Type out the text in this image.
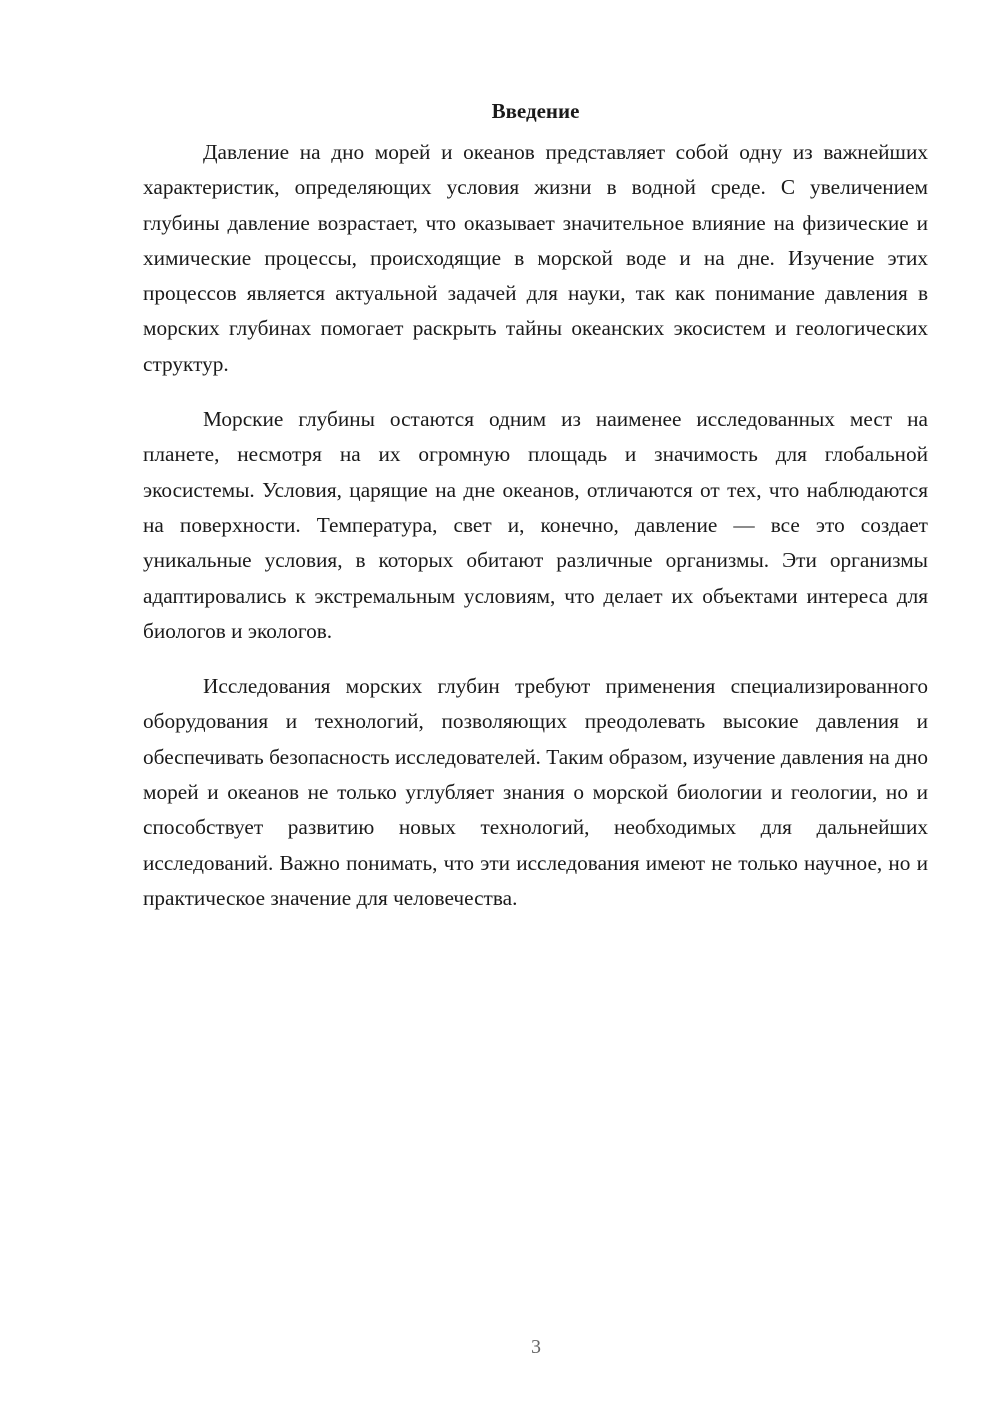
Введение

Давление на дно морей и океанов представляет собой одну из важнейших характеристик, определяющих условия жизни в водной среде. С увеличением глубины давление возрастает, что оказывает значительное влияние на физические и химические процессы, происходящие в морской воде и на дне. Изучение этих процессов является актуальной задачей для науки, так как понимание давления в морских глубинах помогает раскрыть тайны океанских экосистем и геологических структур.

Морские глубины остаются одним из наименее исследованных мест на планете, несмотря на их огромную площадь и значимость для глобальной экосистемы. Условия, царящие на дне океанов, отличаются от тех, что наблюдаются на поверхности. Температура, свет и, конечно, давление — все это создает уникальные условия, в которых обитают различные организмы. Эти организмы адаптировались к экстремальным условиям, что делает их объектами интереса для биологов и экологов.

Исследования морских глубин требуют применения специализированного оборудования и технологий, позволяющих преодолевать высокие давления и обеспечивать безопасность исследователей. Таким образом, изучение давления на дно морей и океанов не только углубляет знания о морской биологии и геологии, но и способствует развитию новых технологий, необходимых для дальнейших исследований. Важно понимать, что эти исследования имеют не только научное, но и практическое значение для человечества.

3
